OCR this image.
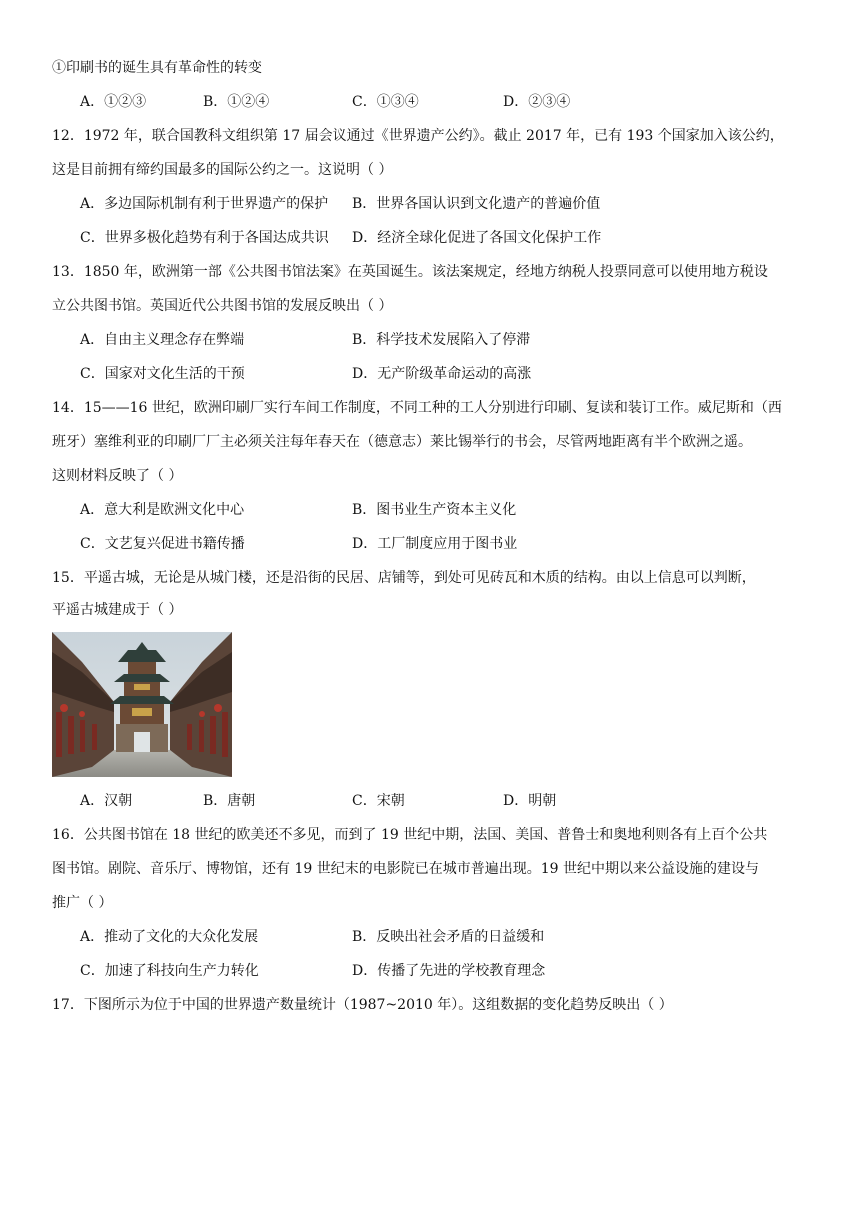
①印刷书的诞生具有革命性的转变
A．①②③	B．①②④	C．①③④	D．②③④
12．1972 年，联合国教科文组织第 17 届会议通过《世界遗产公约》。截止 2017 年，已有 193 个国家加入该公约，
这是目前拥有缔约国最多的国际公约之一。这说明（ ）
A．多边国际机制有利于世界遗产的保护 B．世界各国认识到文化遗产的普遍价值
C．世界多极化趋势有利于各国达成共识 D．经济全球化促进了各国文化保护工作
13．1850 年，欧洲第一部《公共图书馆法案》在英国诞生。该法案规定，经地方纳税人投票同意可以使用地方税设
立公共图书馆。英国近代公共图书馆的发展反映出（ ）
A．自由主义理念存在弊端	B．科学技术发展陷入了停滞
C．国家对文化生活的干预	D．无产阶级革命运动的高涨
14．15——16 世纪，欧洲印刷厂实行车间工作制度，不同工种的工人分别进行印刷、复读和装订工作。威尼斯和（西
班牙）塞维利亚的印刷厂厂主必须关注每年春天在（德意志）莱比锡举行的书会，尽管两地距离有半个欧洲之遥。
这则材料反映了（ ）
A．意大利是欧洲文化中心	B．图书业生产资本主义化
C．文艺复兴促进书籍传播	D．工厂制度应用于图书业
15．平遥古城，无论是从城门楼，还是沿街的民居、店铺等，到处可见砖瓦和木质的结构。由以上信息可以判断，
平遥古城建成于（ ）
A．汉朝	B．唐朝	C．宋朝	D．明朝
16．公共图书馆在 18 世纪的欧美还不多见，而到了 19 世纪中期，法国、美国、普鲁士和奥地利则各有上百个公共
图书馆。剧院、音乐厅、博物馆，还有 19 世纪末的电影院已在城市普遍出现。19 世纪中期以来公益设施的建设与
推广（ ）
A．推动了文化的大众化发展	B．反映出社会矛盾的日益缓和
C．加速了科技向生产力转化	D．传播了先进的学校教育理念
17．下图所示为位于中国的世界遗产数量统计（1987~2010 年）。这组数据的变化趋势反映出（ ）
